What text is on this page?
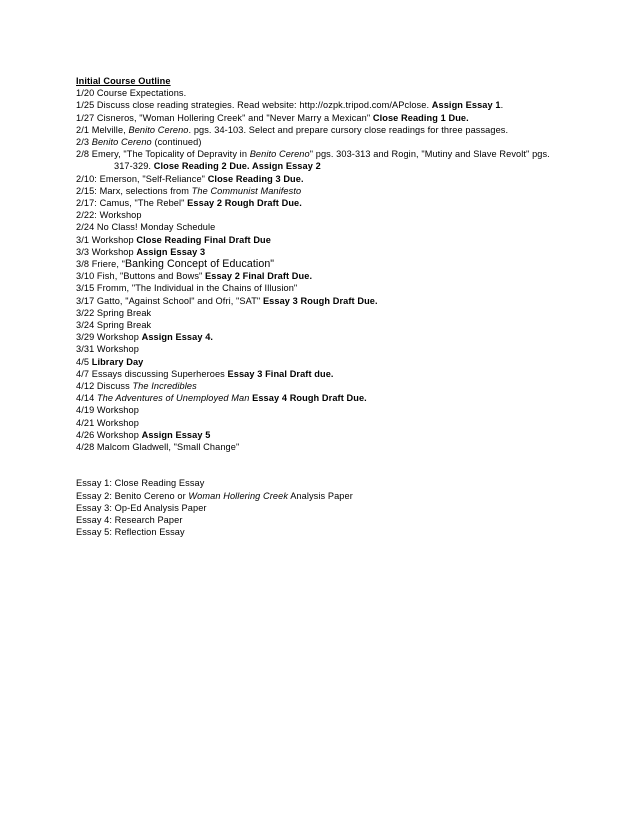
Initial Course Outline
1/20 Course Expectations.
1/25 Discuss close reading strategies. Read website: http://ozpk.tripod.com/APclose. Assign Essay 1.
1/27 Cisneros, "Woman Hollering Creek" and "Never Marry a Mexican" Close Reading 1 Due.
2/1 Melville, Benito Cereno. pgs. 34-103. Select and prepare cursory close readings for three passages.
2/3 Benito Cereno (continued)
2/8 Emery, "The Topicality of Depravity in Benito Cereno" pgs. 303-313 and Rogin, "Mutiny and Slave Revolt" pgs.
317-329. Close Reading 2 Due. Assign Essay 2
2/10: Emerson, "Self-Reliance" Close Reading 3 Due.
2/15: Marx, selections from The Communist Manifesto
2/17: Camus, "The Rebel" Essay 2 Rough Draft Due.
2/22: Workshop
2/24 No Class! Monday Schedule
3/1 Workshop Close Reading Final Draft Due
3/3 Workshop Assign Essay 3
3/8 Friere, "Banking Concept of Education"
3/10 Fish, "Buttons and Bows" Essay 2 Final Draft Due.
3/15 Fromm, "The Individual in the Chains of Illusion"
3/17 Gatto, "Against School" and Ofri, "SAT" Essay 3 Rough Draft Due.
3/22 Spring Break
3/24 Spring Break
3/29 Workshop Assign Essay 4.
3/31 Workshop
4/5 Library Day
4/7 Essays discussing Superheroes Essay 3 Final Draft due.
4/12 Discuss The Incredibles
4/14 The Adventures of Unemployed Man Essay 4 Rough Draft Due.
4/19 Workshop
4/21 Workshop
4/26 Workshop Assign Essay 5
4/28 Malcom Gladwell, "Small Change"
Essay 1: Close Reading Essay
Essay 2: Benito Cereno or Woman Hollering Creek Analysis Paper
Essay 3: Op-Ed Analysis Paper
Essay 4: Research Paper
Essay 5: Reflection Essay
